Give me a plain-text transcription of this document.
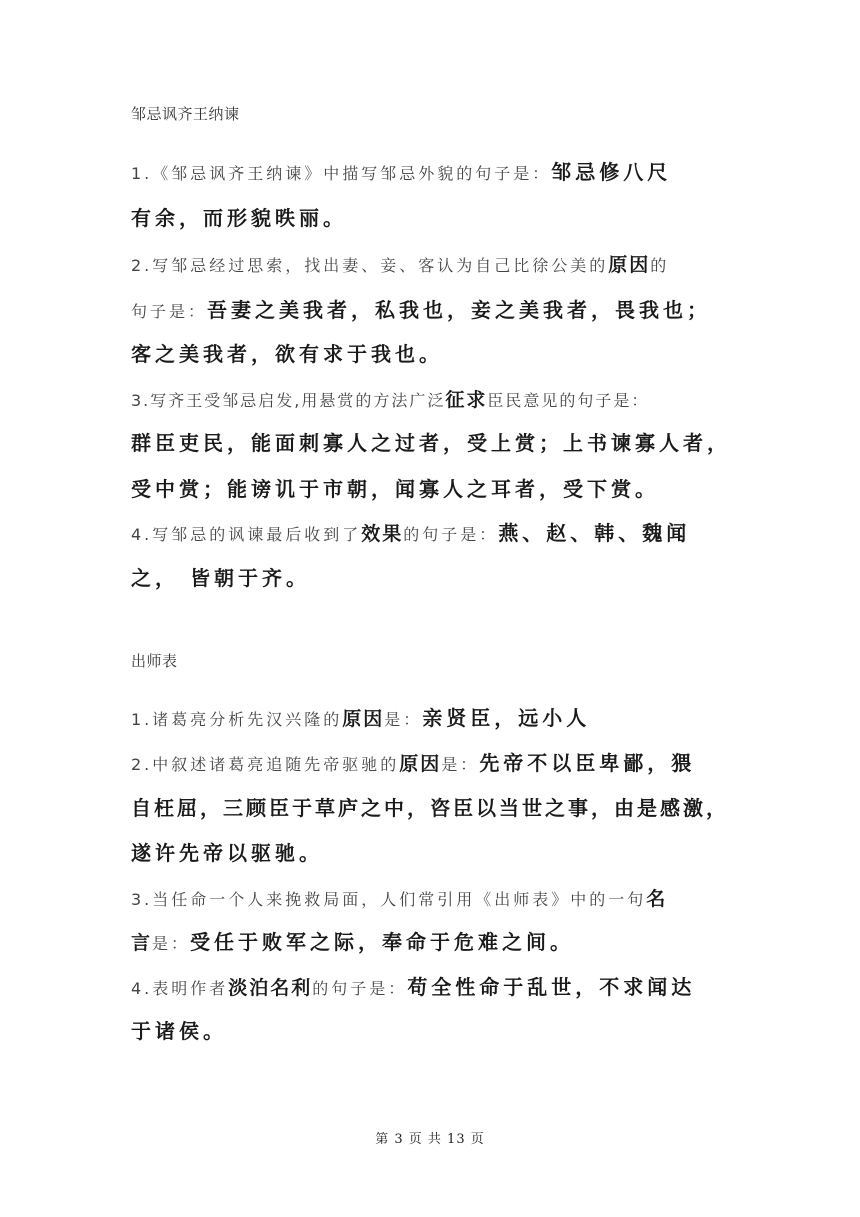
邹忌讽齐王纳谏
1.《邹忌讽齐王纳谏》中描写邹忌外貌的句子是：邹忌修八尺
有余，而形貌昳丽。
2.写邹忌经过思索，找出妻、妾、客认为自己比徐公美的原因的
句子是：吾妻之美我者，私我也，妾之美我者，畏我也；
客之美我者，欲有求于我也。
3.写齐王受邹忌启发,用悬赏的方法广泛征求臣民意见的句子是：
群臣吏民，能面刺寡人之过者，受上赏；上书谏寡人者，
受中赏；能谤讥于市朝，闻寡人之耳者，受下赏。
4.写邹忌的讽谏最后收到了效果的句子是：燕、赵、韩、魏闻
之， 皆朝于齐。
出师表
1.诸葛亮分析先汉兴隆的原因是：亲贤臣，远小人
2.中叙述诸葛亮追随先帝驱驰的原因是：先帝不以臣卑鄙，猥
自枉屈，三顾臣于草庐之中，咨臣以当世之事，由是感激，
遂许先帝以驱驰。
3.当任命一个人来挽救局面，人们常引用《出师表》中的一句名
言是：受任于败军之际，奉命于危难之间。
4.表明作者淡泊名利的句子是：苟全性命于乱世，不求闻达
于诸侯。
第 3 页 共 13 页
